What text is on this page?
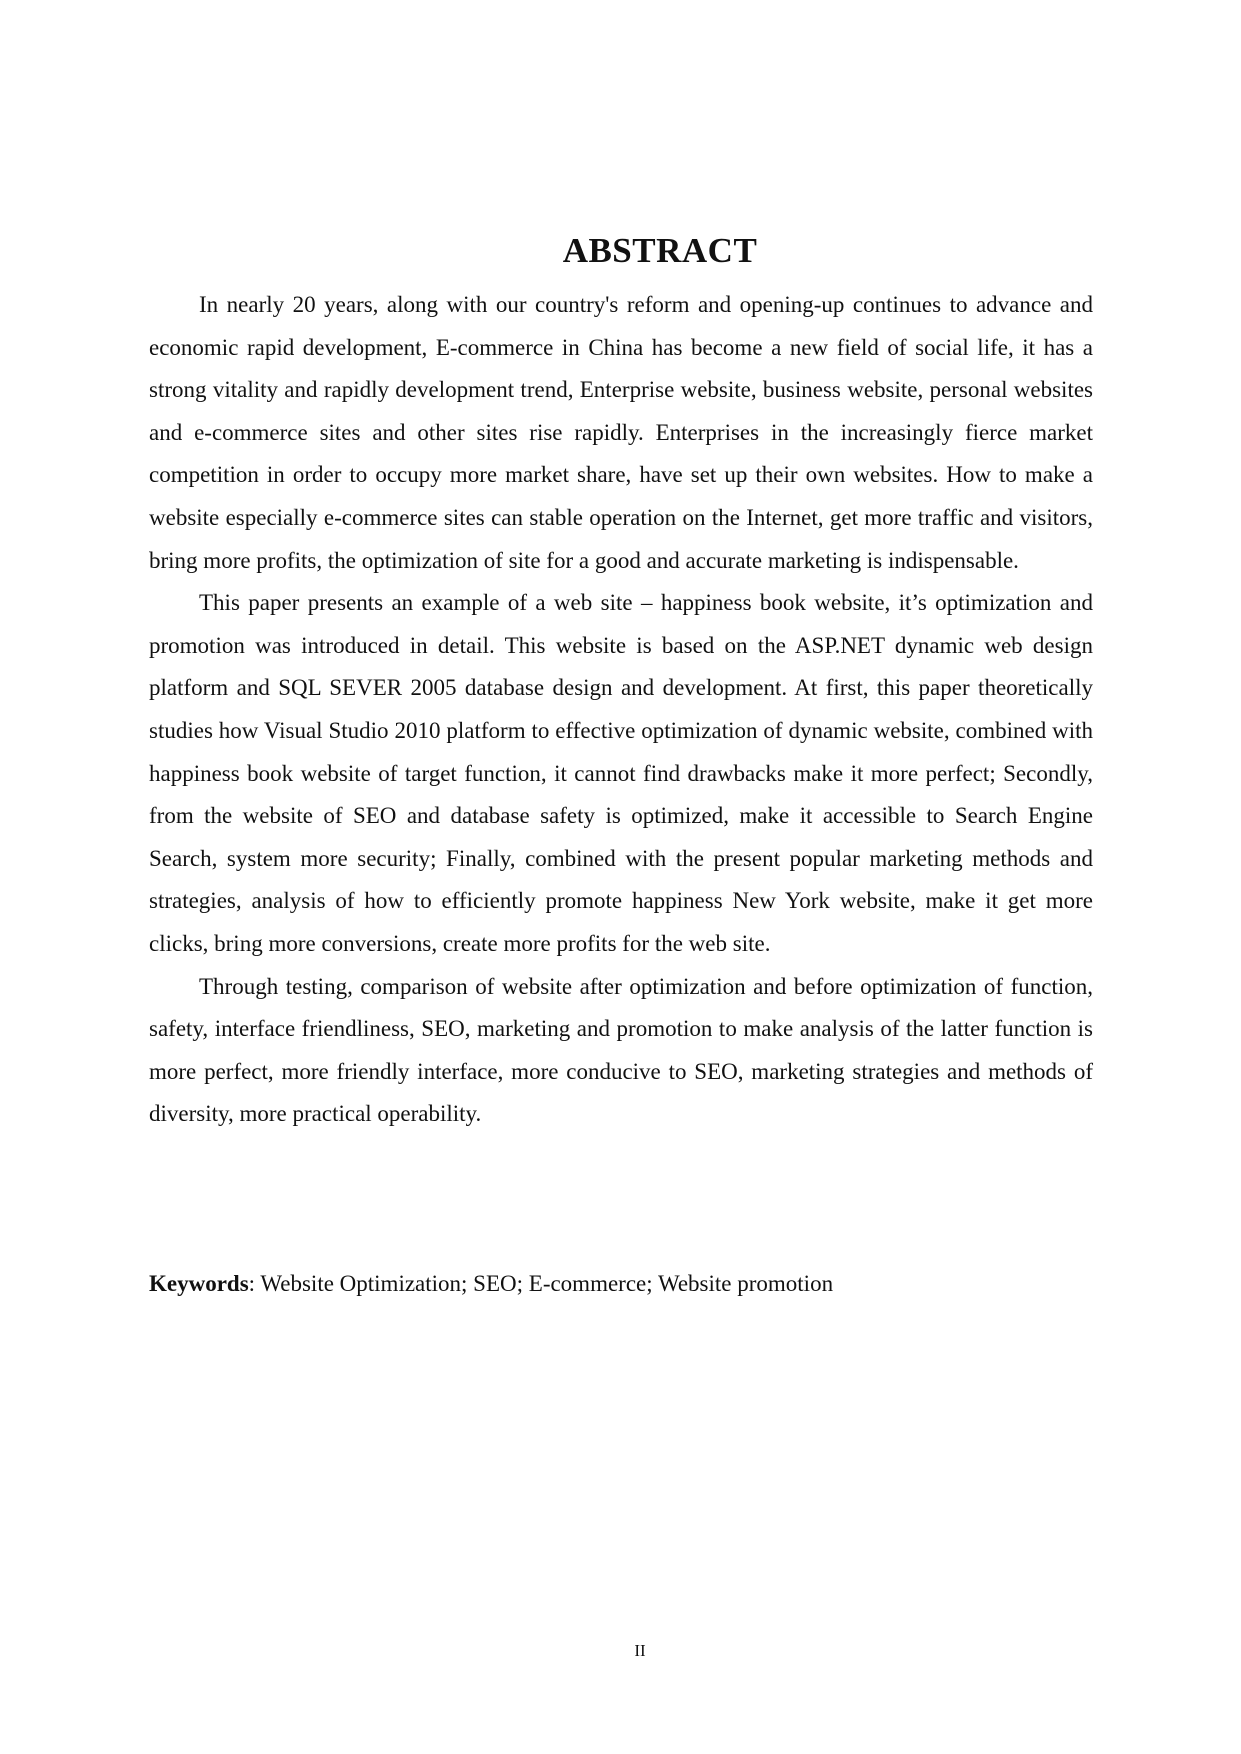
ABSTRACT

In nearly 20 years, along with our country's reform and opening-up continues to advance and economic rapid development, E-commerce in China has become a new field of social life, it has a strong vitality and rapidly development trend, Enterprise website, business website, personal websites and e-commerce sites and other sites rise rapidly. Enterprises in the increasingly fierce market competition in order to occupy more market share, have set up their own websites. How to make a website especially e-commerce sites can stable operation on the Internet, get more traffic and visitors, bring more profits, the optimization of site for a good and accurate marketing is indispensable.

This paper presents an example of a web site – happiness book website, it’s optimization and promotion was introduced in detail. This website is based on the ASP.NET dynamic web design platform and SQL SEVER 2005 database design and development. At first, this paper theoretically studies how Visual Studio 2010 platform to effective optimization of dynamic website, combined with happiness book website of target function, it cannot find drawbacks make it more perfect; Secondly, from the website of SEO and database safety is optimized, make it accessible to Search Engine Search, system more security; Finally, combined with the present popular marketing methods and strategies, analysis of how to efficiently promote happiness New York website, make it get more clicks, bring more conversions, create more profits for the web site.

Through testing, comparison of website after optimization and before optimization of function, safety, interface friendliness, SEO, marketing and promotion to make analysis of the latter function is more perfect, more friendly interface, more conducive to SEO, marketing strategies and methods of diversity, more practical operability.

Keywords: Website Optimization; SEO; E-commerce; Website promotion

II
